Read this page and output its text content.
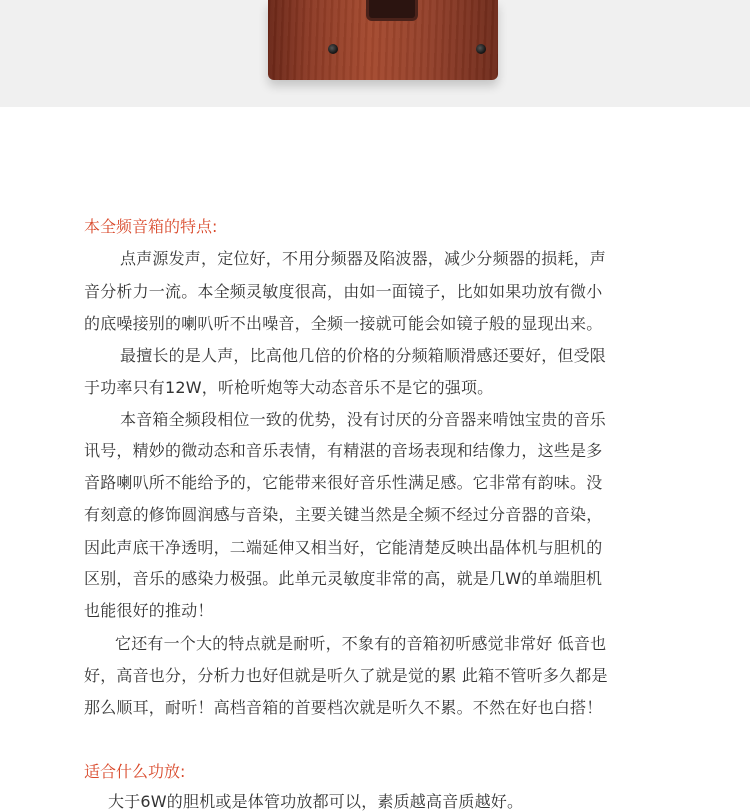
本全频音箱的特点:
点声源发声，定位好，不用分频器及陷波器，减少分频器的损耗，声
音分析力一流。本全频灵敏度很高，由如一面镜子，比如如果功放有微小
的底噪接别的喇叭听不出噪音，全频一接就可能会如镜子般的显现出来。
最擅长的是人声，比高他几倍的价格的分频箱顺滑感还要好，但受限
于功率只有12W，听枪听炮等大动态音乐不是它的强项。
本音箱全频段相位一致的优势，没有讨厌的分音器来啃蚀宝贵的音乐
讯号，精妙的微动态和音乐表情，有精湛的音场表现和结像力，这些是多
音路喇叭所不能给予的，它能带来很好音乐性满足感。它非常有韵味。没
有刻意的修饰圆润感与音染，主要关键当然是全频不经过分音器的音染，
因此声底干净透明，二端延伸又相当好，它能清楚反映出晶体机与胆机的
区别，音乐的感染力极强。此单元灵敏度非常的高，就是几W的单端胆机
也能很好的推动！
它还有一个大的特点就是耐听，不象有的音箱初听感觉非常好 低音也
好，高音也分，分析力也好但就是听久了就是觉的累 此箱不管听多久都是
那么顺耳，耐听！高档音箱的首要档次就是听久不累。不然在好也白搭！
适合什么功放:
大于6W的胆机或是体管功放都可以，素质越高音质越好。
